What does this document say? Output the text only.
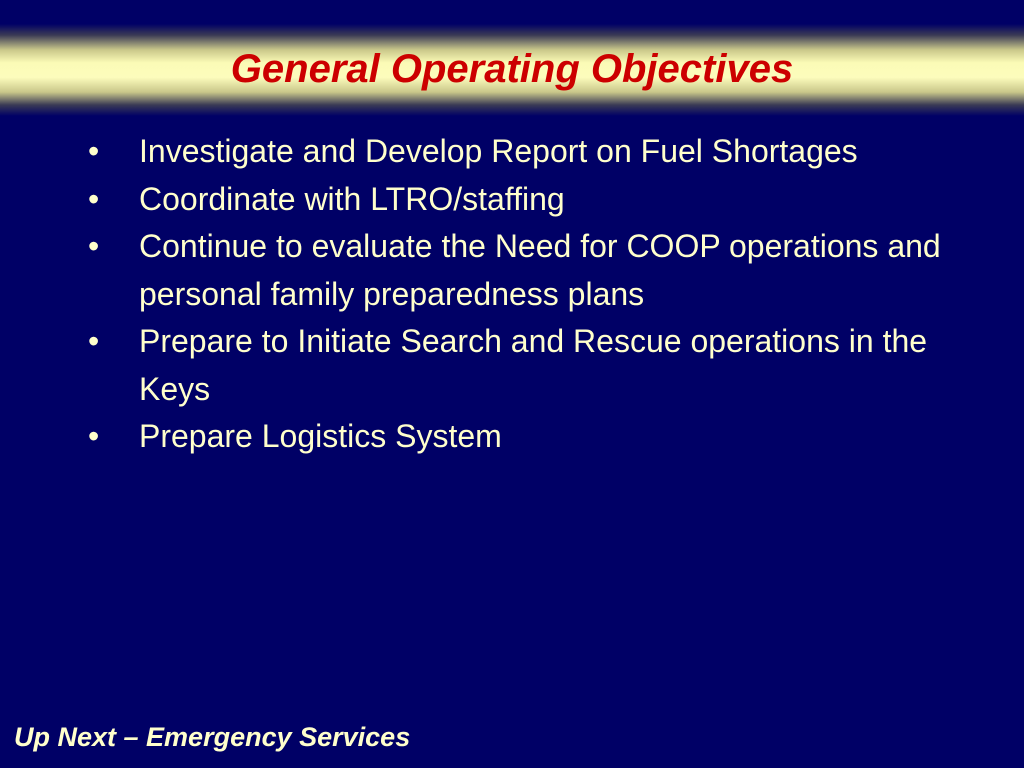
General Operating Objectives
• Investigate and Develop Report on Fuel Shortages
• Coordinate with LTRO/staffing
• Continue to evaluate the Need for COOP operations and personal family preparedness plans
• Prepare to Initiate Search and Rescue operations in the Keys
• Prepare Logistics System
Up Next – Emergency Services
